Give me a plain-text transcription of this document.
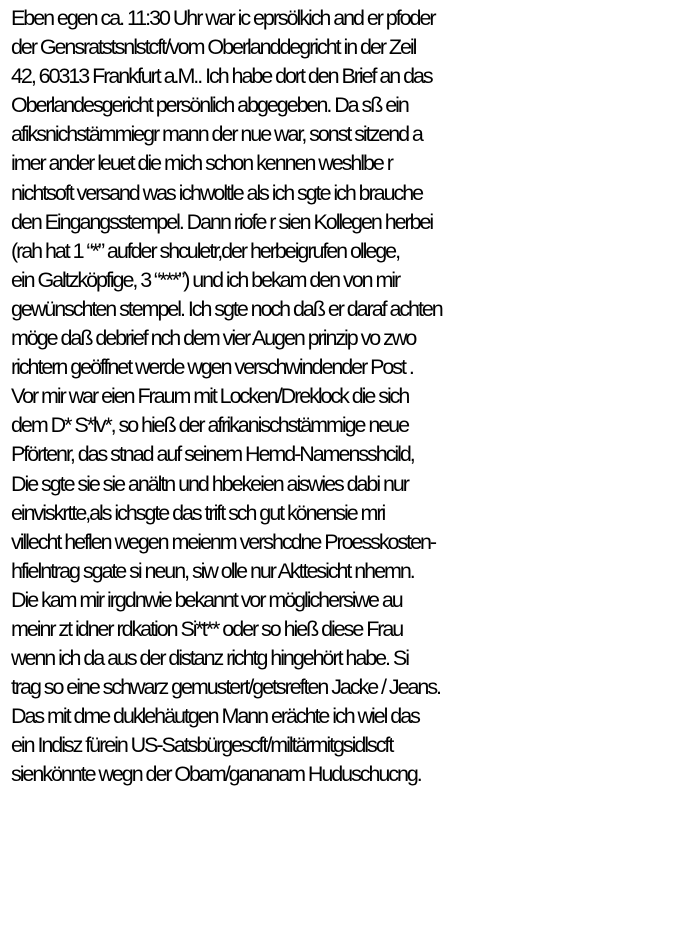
Eben egen ca. 11:30 Uhr war ic eprsölkich and er pfoder
der Gensratstsnlstcft/vom Oberlanddegricht in der Zeil
42, 60313 Frankfurt a.M.. Ich habe dort den Brief an das
Oberlandesgericht persönlich abgegeben. Da sß ein
afiksnichstämmiegr mann der nue war, sonst sitzend a
imer ander leuet die mich schon kennen weshlbe r
nichtsoft versand was ichwoltle als ich sgte ich brauche
den Eingangsstempel. Dann riofe r sien Kollegen herbei
(rah hat 1 “*” aufder shculetr,der herbeigrufen ollege,
ein Galtzköpfige, 3 “***”) und ich bekam den von mir
gewünschten stempel. Ich sgte noch daß er daraf achten
möge daß debrief nch dem vier Augen prinzip vo zwo
richtern geöffnet werde wgen verschwindender Post .
Vor mir war eien Fraum mit Locken/Dreklock die sich
dem D* S*lv*, so hieß der afrikanischstämmige neue
Pförtenr, das stnad auf seinem Hemd-Namensshcild,
Die sgte sie sie anältn und hbekeien aiswies dabi nur
einviskrtte,als ichsgte das trift sch gut könensie mri
villecht heflen wegen meienm vershcdne Proesskosten-
hfielntrag sgate si neun, siw olle nur Akttesicht nhemn.
Die kam mir irgdnwie bekannt vor möglichersiwe au
meinr zt idner rdkation Si*t** oder so hieß diese Frau
wenn ich da aus der distanz richtg hingehört habe. Si
trag so eine schwarz gemustert/getsreften Jacke / Jeans.
Das mit dme duklehäutgen Mann erächte ich wiel das
ein Indisz fürein US-Satsbürgescft/miltärmitgsidlscft
sienkönnte wegn der Obam/gananam Huduschucng.
